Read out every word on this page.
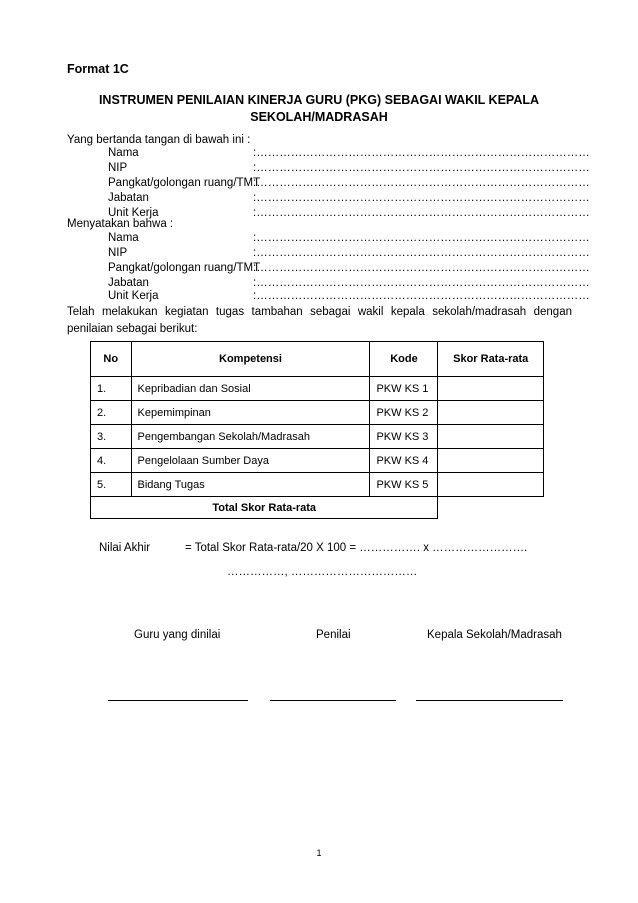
Format 1C
INSTRUMEN PENILAIAN KINERJA GURU (PKG) SEBAGAI WAKIL KEPALA
SEKOLAH/MADRASAH
Yang bertanda tangan di bawah ini :
Nama	:……………………………………………………………………………
NIP	:……………………………………………………………………………
Pangkat/golongan ruang/TMT
:……………………………………………………………………………
Jabatan	:……………………………………………………………………………
Unit Kerja	:……………………………………………………………………………
Menyatakan bahwa :
Nama	:……………………………………………………………………………
NIP	:……………………………………………………………………………
Pangkat/golongan ruang/TMT
:……………………………………………………………………………
Jabatan	:……………………………………………………………………………
Unit Kerja	:……………………………………………………………………………
Telah melakukan kegiatan tugas tambahan sebagai wakil kepala sekolah/madrasah dengan penilaian sebagai berikut:
No	Kompetensi	Kode	Skor Rata-rata
1.	Kepribadian dan Sosial	PKW KS 1	
2.	Kepemimpinan	PKW KS 2	
3.	Pengembangan Sekolah/Madrasah	PKW KS 3	
4.	Pengelolaan Sumber Daya	PKW KS 4	
5.	Bidang Tugas	PKW KS 5	
Total Skor Rata-rata			
Nilai Akhir	= Total Skor Rata-rata/20 X 100 = ……………. x …………………….
……………, ……………………………
Guru yang dinilai	Penilai	Kepala Sekolah/Madrasah
1
